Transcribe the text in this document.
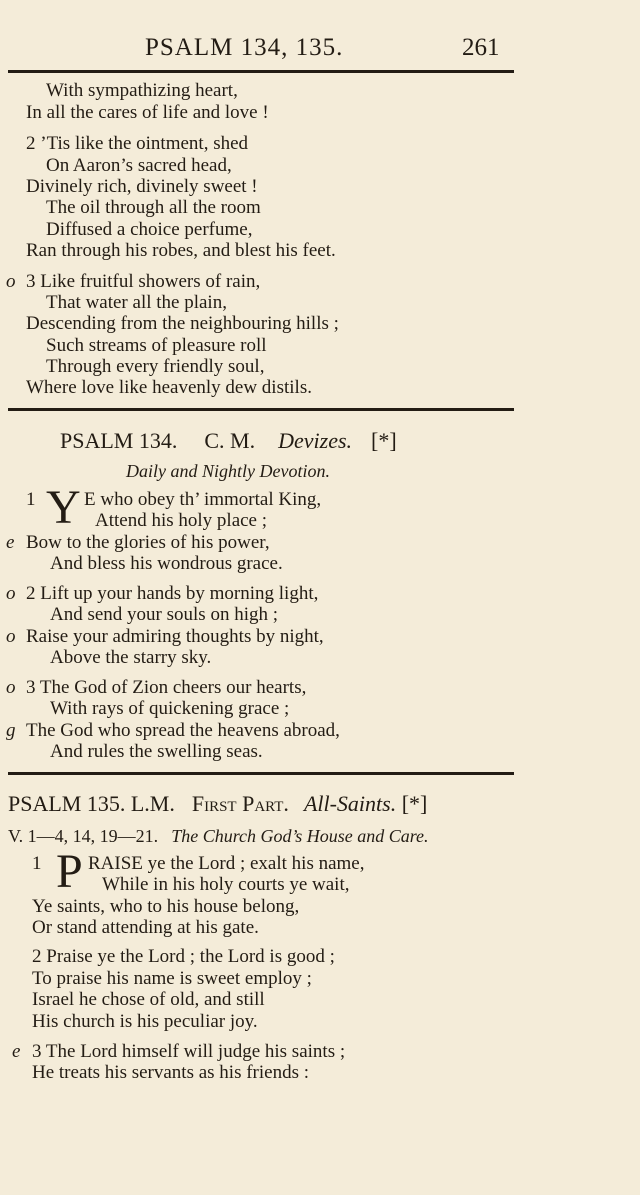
PSALM 134, 135.	261
With sympathizing heart,
In all the cares of life and love !
2 ’Tis like the ointment, shed
On Aaron’s sacred head,
Divinely rich, divinely sweet !
The oil through all the room
Diffused a choice perfume,
Ran through his robes, and blest his feet.
o 3 Like fruitful showers of rain,
That water all the plain,
Descending from the neighbouring hills ;
Such streams of pleasure roll
Through every friendly soul,
Where love like heavenly dew distils.
PSALM 134. C. M. Devizes. [*]
Daily and Nightly Devotion.
1 Y E who obey th’ immortal King,
Attend his holy place ;
e Bow to the glories of his power,
And bless his wondrous grace.
o 2 Lift up your hands by morning light,
And send your souls on high ;
o Raise your admiring thoughts by night,
Above the starry sky.
o 3 The God of Zion cheers our hearts,
With rays of quickening grace ;
g The God who spread the heavens abroad,
And rules the swelling seas.
PSALM 135. L.M. First Part. All-Saints. [*]
V. 1—4, 14, 19—21. The Church God’s House and Care.
1 P RAISE ye the Lord ; exalt his name,
While in his holy courts ye wait,
Ye saints, who to his house belong,
Or stand attending at his gate.
2 Praise ye the Lord ; the Lord is good ;
To praise his name is sweet employ ;
Israel he chose of old, and still
His church is his peculiar joy.
e 3 The Lord himself will judge his saints ;
He treats his servants as his friends :
